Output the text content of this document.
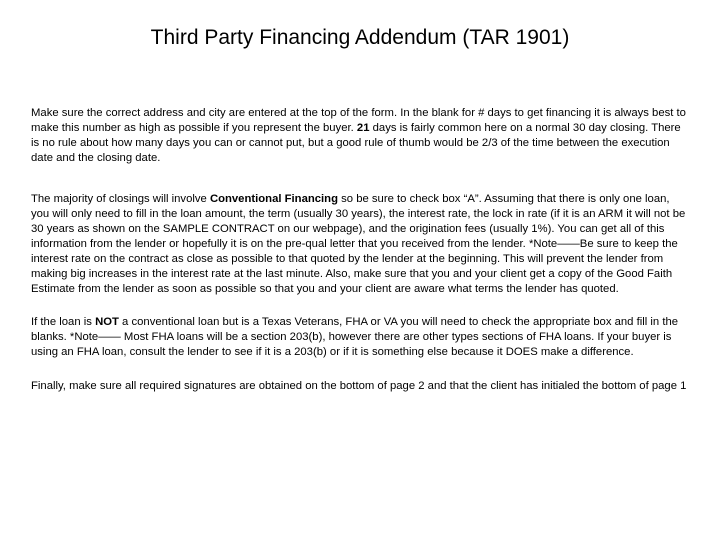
Third Party Financing Addendum (TAR 1901)

Make sure the correct address and city are entered at the top of the form. In the blank for # days to get financing it is always best to make this number as high as possible if you represent the buyer. 21 days is fairly common here on a normal 30 day closing. There is no rule about how many days you can or cannot put, but a good rule of thumb would be 2/3 of the time between the execution date and the closing date.

The majority of closings will involve Conventional Financing so be sure to check box “A”. Assuming that there is only one loan, you will only need to fill in the loan amount, the term (usually 30 years), the interest rate, the lock in rate (if it is an ARM it will not be 30 years as shown on the SAMPLE CONTRACT on our webpage), and the origination fees (usually 1%). You can get all of this information from the lender or hopefully it is on the pre-qual letter that you received from the lender. *Note——Be sure to keep the interest rate on the contract as close as possible to that quoted by the lender at the beginning. This will prevent the lender from making big increases in the interest rate at the last minute. Also, make sure that you and your client get a copy of the Good Faith Estimate from the lender as soon as possible so that you and your client are aware what terms the lender has quoted.

If the loan is NOT a conventional loan but is a Texas Veterans, FHA or VA you will need to check the appropriate box and fill in the blanks. *Note—— Most FHA loans will be a section 203(b), however there are other types sections of FHA loans. If your buyer is using an FHA loan, consult the lender to see if it is a 203(b) or if it is something else because it DOES make a difference.

Finally, make sure all required signatures are obtained on the bottom of page 2 and that the client has initialed the bottom of page 1
